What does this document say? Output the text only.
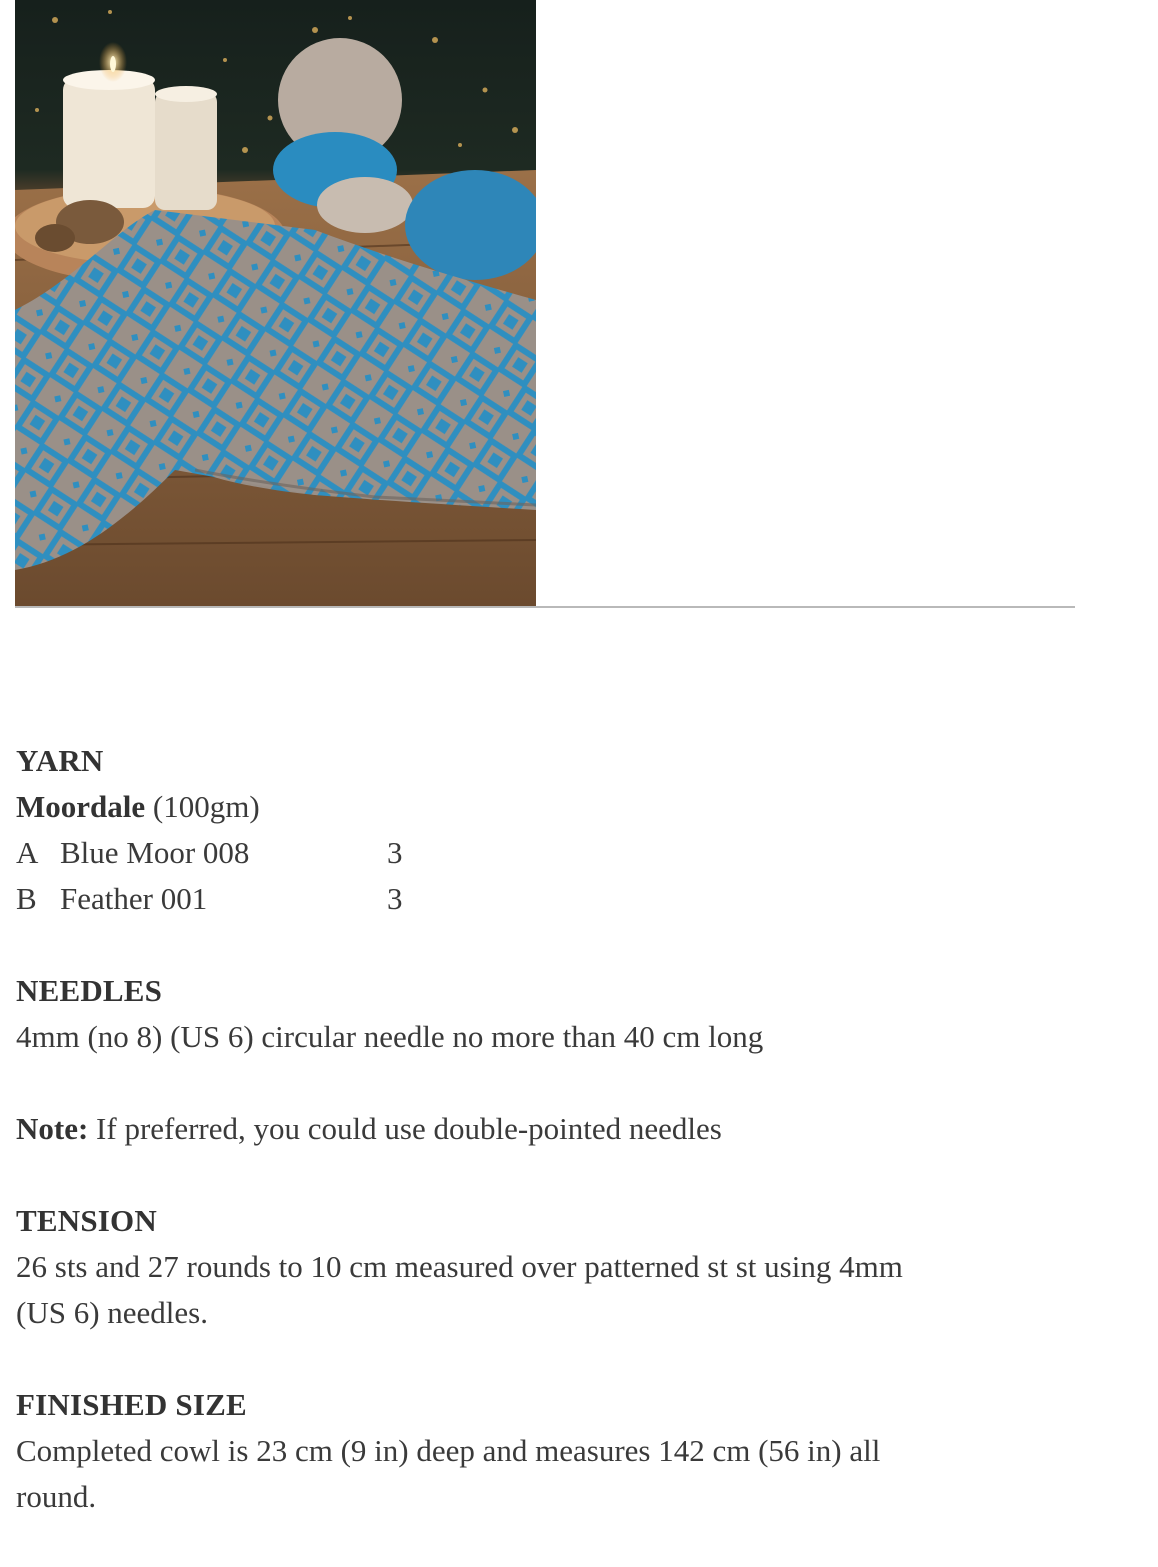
YARN
Moordale (100gm)
A Blue Moor 008	3
B Feather 001	3
NEEDLES
4mm (no 8) (US 6) circular needle no more than 40 cm long
Note: If preferred, you could use double-pointed needles
TENSION
26 sts and 27 rounds to 10 cm measured over patterned st st using 4mm
(US 6) needles.
FINISHED SIZE
Completed cowl is 23 cm (9 in) deep and measures 142 cm (56 in) all
round.
